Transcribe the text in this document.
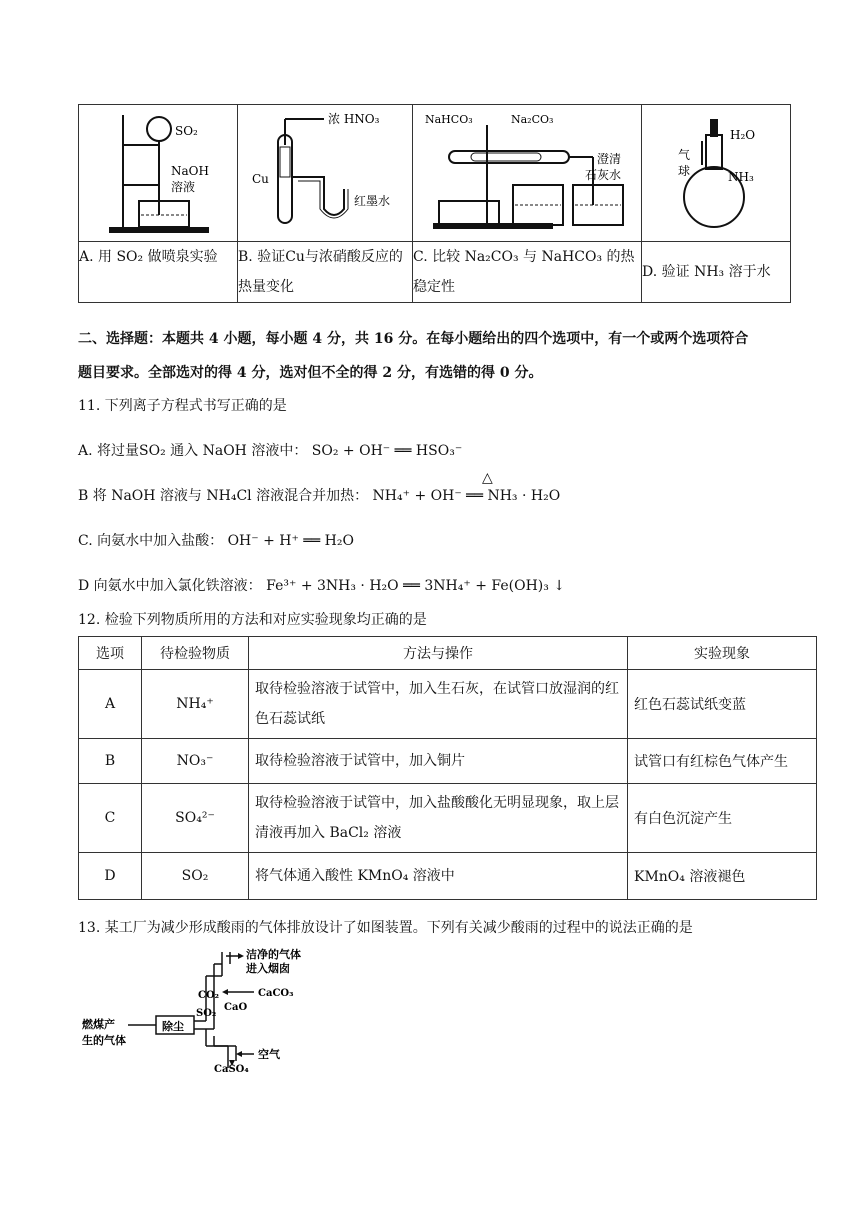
SO₂
NaOH
溶液	浓 HNO₃
Cu
红墨水	NaHCO₃ Na₂CO₃
澄清
石灰水	H₂O
气
球 NH₃

A. 用 SO₂ 做喷泉实验	B. 验证Cu与浓硝酸反应的热量变化	C. 比较 Na₂CO₃ 与 NaHCO₃ 的热稳定性	D. 验证 NH₃ 溶于水
二、选择题：本题共 4 小题，每小题 4 分，共 16 分。在每小题给出的四个选项中，有一个或两个选项符合
题目要求。全部选对的得 4 分，选对但不全的得 2 分，有选错的得 0 分。
11. 下列离子方程式书写正确的是
A. 将过量SO₂ 通入 NaOH 溶液中： SO₂ + OH⁻ ══ HSO₃⁻
△
B 将 NaOH 溶液与 NH₄Cl 溶液混合并加热： NH₄⁺ + OH⁻ ══ NH₃ · H₂O
C. 向氨水中加入盐酸： OH⁻ + H⁺ ══ H₂O
D 向氨水中加入氯化铁溶液： Fe³⁺ + 3NH₃ · H₂O ══ 3NH₄⁺ + Fe(OH)₃ ↓
12. 检验下列物质所用的方法和对应实验现象均正确的是
选项	待检验物质	方法与操作	实验现象
A	NH₄⁺	取待检验溶液于试管中，加入生石灰，在试管口放湿润的红色石蕊试纸	红色石蕊试纸变蓝
B	NO₃⁻	取待检验溶液于试管中，加入铜片	试管口有红棕色气体产生
C	SO₄²⁻	取待检验溶液于试管中，加入盐酸酸化无明显现象，取上层清液再加入 BaCl₂ 溶液	有白色沉淀产生
D	SO₂	将气体通入酸性 KMnO₄ 溶液中	KMnO₄ 溶液褪色
13. 某工厂为减少形成酸雨的气体排放设计了如图装置。下列有关减少酸雨的过程中的说法正确的是
洁净的气体
进入烟囱
CO₂	CaCO₃
CaO
SO₂
燃煤产
生的气体
除尘
空气
CaSO₄
